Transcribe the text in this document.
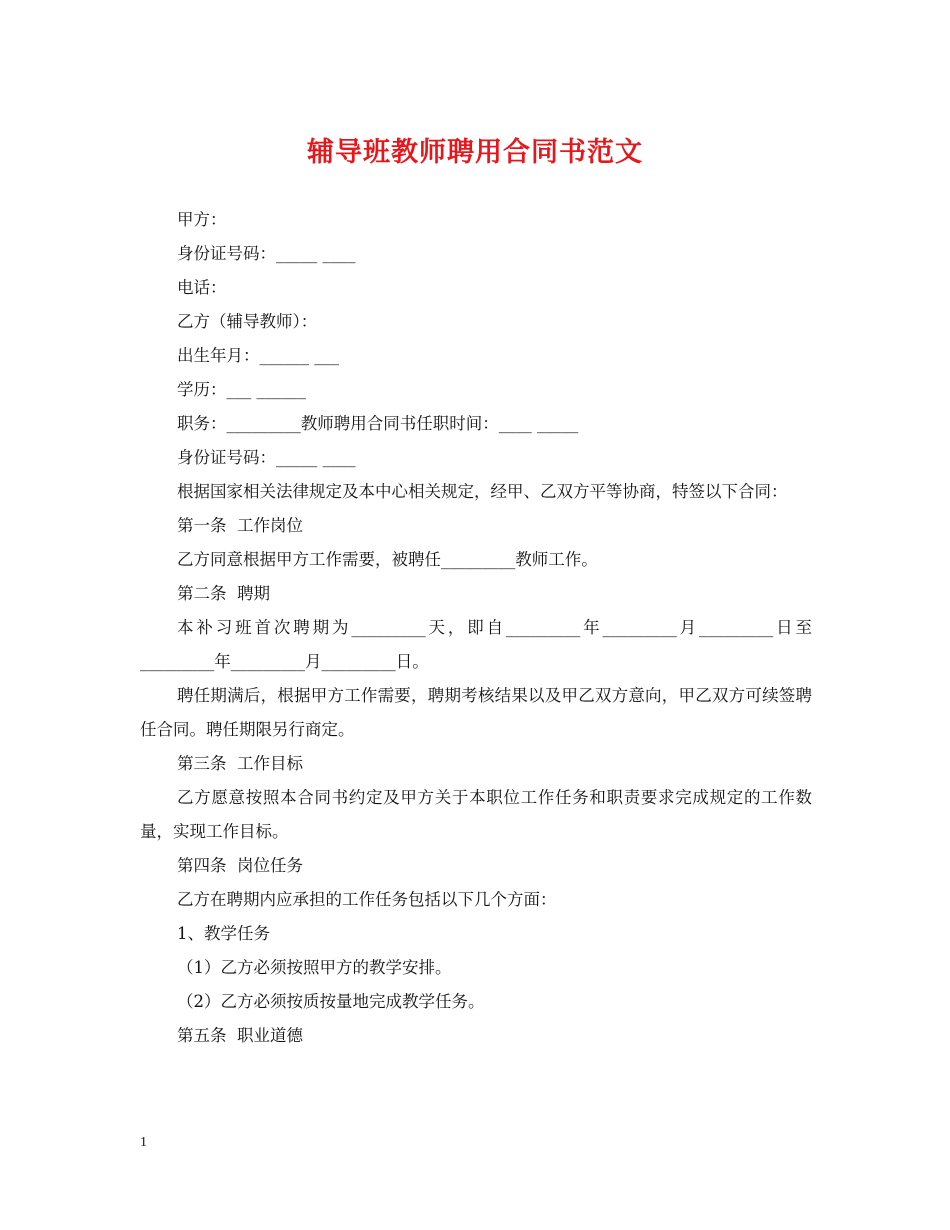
辅导班教师聘用合同书范文

甲方：

身份证号码：_____ ____

电话：

乙方（辅导教师）：

出生年月：______ ___

学历：___ ______

职务：_________教师聘用合同书任职时间：____ _____

身份证号码：_____ ____

根据国家相关法律规定及本中心相关规定，经甲、乙双方平等协商，特签以下合同：

第一条  工作岗位

乙方同意根据甲方工作需要，被聘任_________教师工作。

第二条  聘期

本补习班首次聘期为_________天，即自_________年_________月_________日至_________年_________月_________日。

聘任期满后，根据甲方工作需要，聘期考核结果以及甲乙双方意向，甲乙双方可续签聘任合同。聘任期限另行商定。

第三条  工作目标

乙方愿意按照本合同书约定及甲方关于本职位工作任务和职责要求完成规定的工作数量，实现工作目标。

第四条  岗位任务

乙方在聘期内应承担的工作任务包括以下几个方面：

1、教学任务

（1）乙方必须按照甲方的教学安排。

（2）乙方必须按质按量地完成教学任务。

第五条  职业道德

1
